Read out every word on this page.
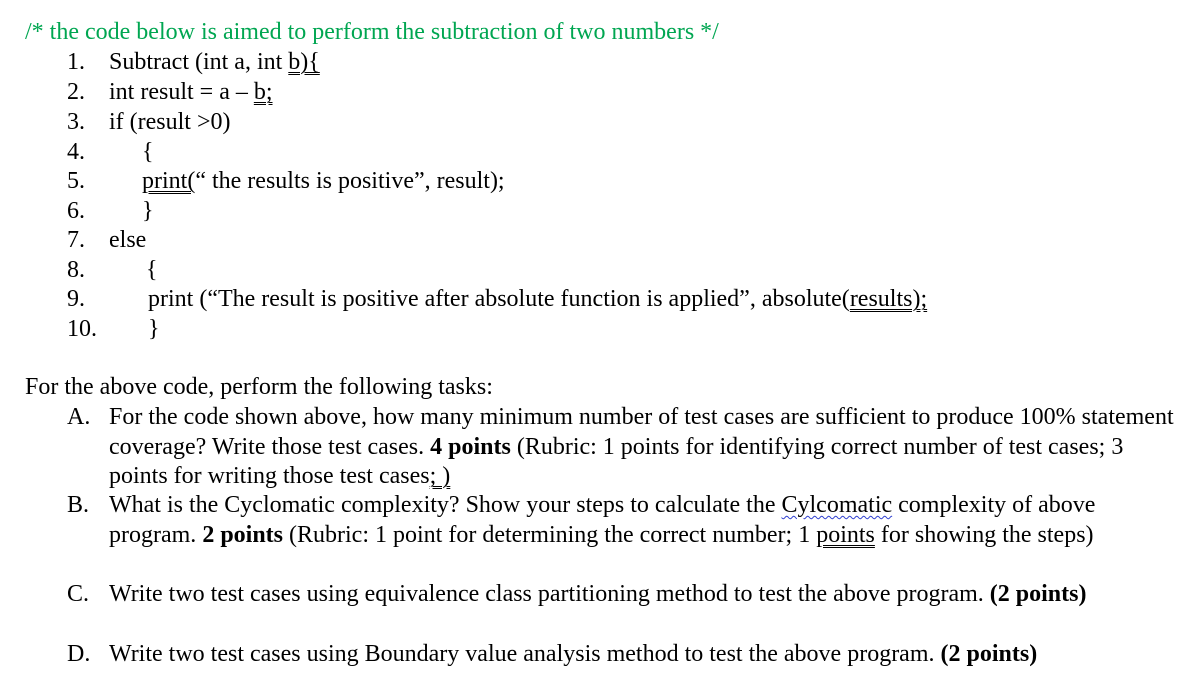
/* the code below is aimed to perform the subtraction of two numbers */
1. Subtract (int a, int b){
2. int result = a – b;
3. if (result >0)
4. {
5. print(“ the results is positive”, result);
6. }
7. else
8.	{
9.	print (“The result is positive after absolute function is applied”, absolute(results);
10. }
For the above code, perform the following tasks:
A. For the code shown above, how many minimum number of test cases are sufficient to produce 100% statement coverage? Write those test cases. 4 points (Rubric: 1 points for identifying correct number of test cases; 3 points for writing those test cases; )
B. What is the Cyclomatic complexity? Show your steps to calculate the Cylcomatic complexity of above program. 2 points (Rubric: 1 point for determining the correct number; 1 points for showing the steps)
C. Write two test cases using equivalence class partitioning method to test the above program. (2 points)
D. Write two test cases using Boundary value analysis method to test the above program. (2 points)
